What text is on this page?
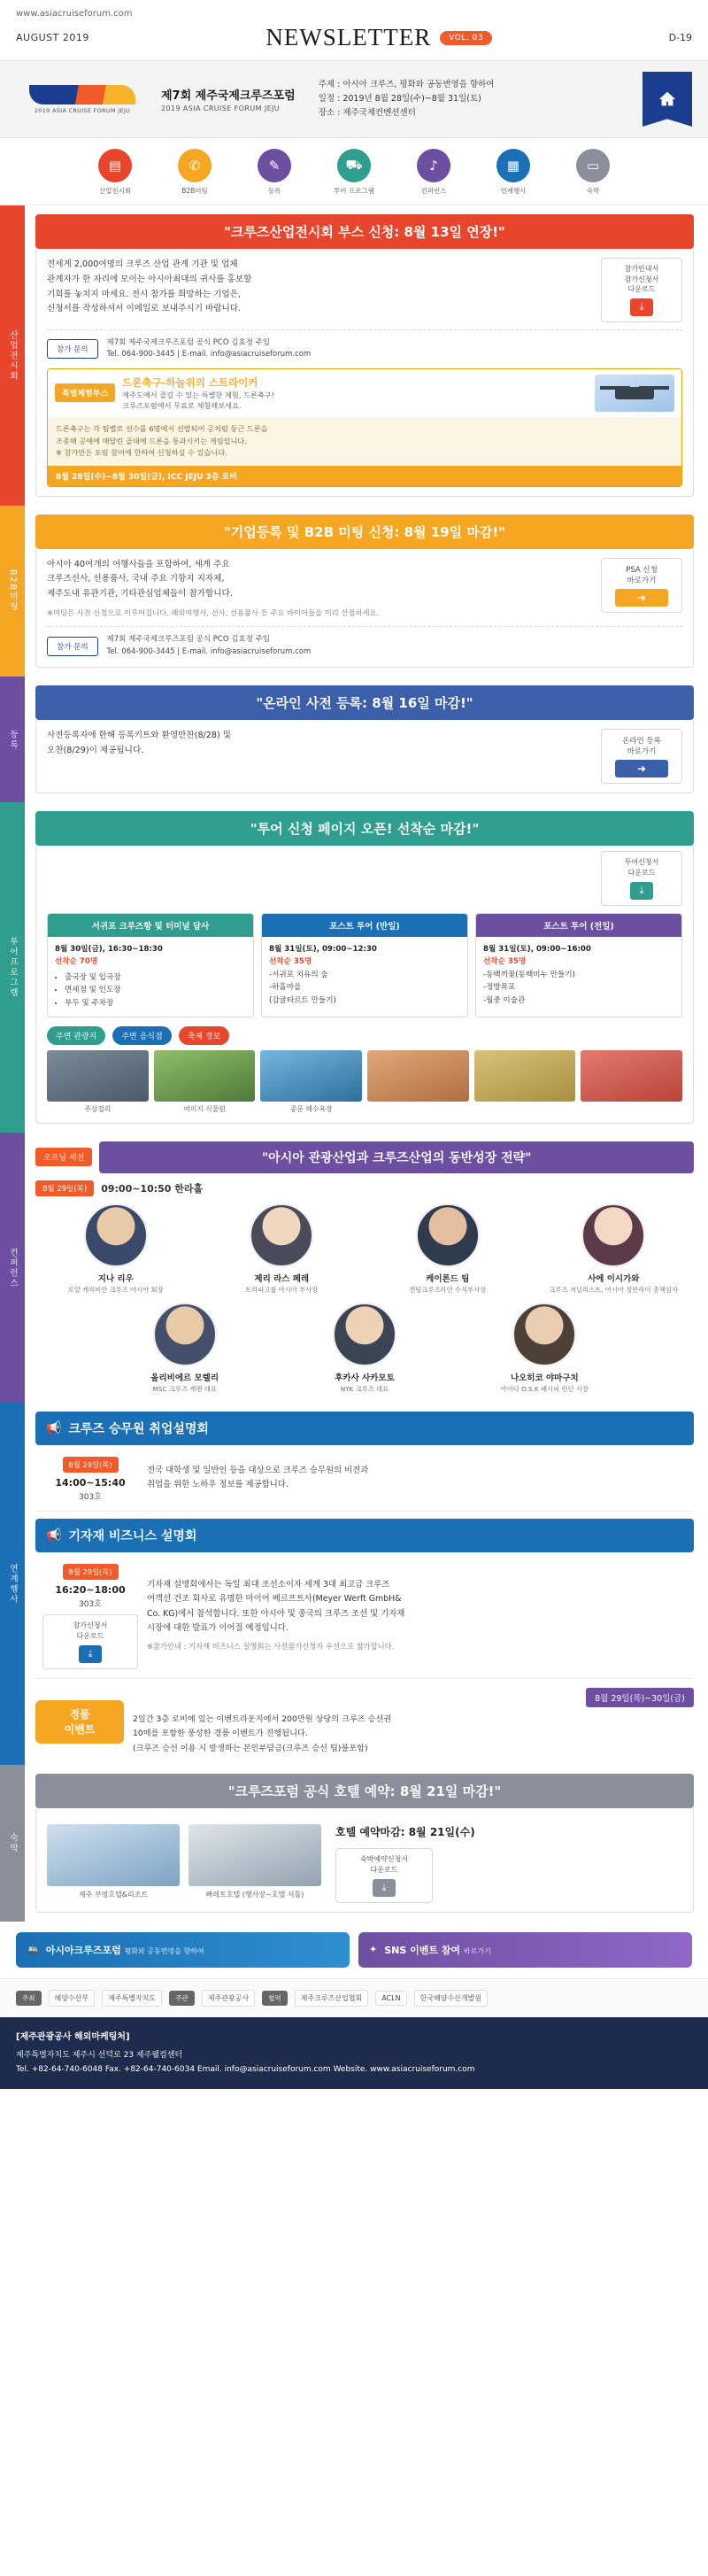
www.asiacruiseforum.com
AUGUST 2019	NEWSLETTER	VOL. 03	D-19
2019 ASIA CRUISE FORUM JEJU
제7회 제주국제크루즈포럼
2019 ASIA CRUISE FORUM JEJU
주제 : 아시아 크루즈, 평화와 공동번영을 향하여
일정 : 2019년 8월 28일(수)~8월 31일(토)
장소 : 제주국제컨벤션센터
▤
산업전시회
✆
B2B미팅
✎
등록
⛟
투어 프로그램
♪
컨퍼런스
▦
연계행사
▭
숙박
산업전시회
"크루즈산업전시회 부스 신청: 8월 13일 연장!"
전세계 2,000여명의 크루즈 산업 관계 기관 및 업체
관계자가 한 자리에 모이는 아시아최대의 귀사를 홍보할
기회를 놓치지 마세요. 전시 참가를 희망하는 기업은,
신청서를 작성하셔서 이메일로 보내주시기 바랍니다.
참가안내서
참가신청서
다운로드
⤓
참가 문의
제7회 제주국제크루즈포럼 공식 PCO 김효정 주임
Tel. 064-900-3445 | E-mail. info@asiacruiseforum.com
특별체험부스
드론축구-하늘위의 스트라이커
제주도에서 즐길 수 있는 특별한 체험, 드론축구!
크루즈포럼에서 무료로 체험해보세요.
드론축구는 각 팀별로 선수를 6명에서 선발되어 공처럼 둥근 드론을
조종해 공에에 매달린 골대에 드론을 통과시키는 게임입니다.
※ 참가만은 포럼 참여에 한하여 신청하실 수 있습니다.
8월 28일(수)~8월 30일(금), ICC JEJU 3층 로비
B2B미팅
"기업등록 및 B2B 미팅 신청: 8월 19일 마감!"
아시아 40여개의 여행사들을 포함하여, 세계 주요
크루즈선사, 선용품사, 국내 주요 기항지 지자체,
제주도내 유관기관, 기타관심업체들이 참가합니다.
※미팅은 사전 신청으로 이루어집니다. 해외여행사, 선사, 선용품사 등 주요 바이어들을 미리 선점하세요.
PSA 신청
바로가기
➜
참가 문의
제7회 제주국제크루즈포럼 공식 PCO 김효정 주임
Tel. 064-900-3445 | E-mail. info@asiacruiseforum.com
등록
"온라인 사전 등록: 8월 16일 마감!"
사전등록자에 한해 등록키트와 환영만찬(8/28) 및
오찬(8/29)이 제공됩니다.
온라인 등록
바로가기
➜
투어프로그램
"투어 신청 페이지 오픈! 선착순 마감!"
투어신청서
다운로드
⤓
서귀포 크루즈항 및 터미널 답사
8월 30일(금), 16:30~18:30
선착순 70명
• 출국장 및 입국장
• 면세점 및 인도장
• 부두 및 주차장
포스트 투어 (반일)
8월 31일(토), 09:00~12:30
선착순 35명
-서귀포 치유의 숲
-하흘마을
(감귤타르트 만들기)
포스트 투어 (전일)
8월 31일(토), 09:00~16:00
선착순 35명
-동백끼꽃(동백비누 만들기)
-정방폭포
-월중 미술관
주변 관광지	주변 음식점	축제 정보
주상절리	여미지 식물원	중문 해수욕장
컨퍼런스
오프닝 세션	"아시아 관광산업과 크루즈산업의 동반성장 전략"
8월 29일(목)	09:00~10:50 한라홀
지나 리우
로얄 캐리비안 크루즈 아시아 회장
제리 라스 페레
트라파고룹 아시아 부사장
케이론드 팀
겐팅크루즈라인 수석부사장
사에 이시가와
크루즈 저널리스트, 아시아 정반라이 총책임자
올리비에르 모렐리
MSC 크루즈 재팬 대표
후카사 사카모토
NYK 크루즈 대표
나오히코 야마구치
아이다 O.S.K 패시피 런던 사장
연계행사
📢 크루즈 승무원 취업설명회
8월 29일(목)
14:00~15:40
303호
전국 대학생 및 일반인 등을 대상으로 크루즈 승무원의 비전과
취업을 위한 노하우 정보를 제공합니다.
📢 기자재 비즈니스 설명회
8월 29일(목)
16:20~18:00
303호
참가신청서
다운로드
⤓
기자재 설명회에서는 독일 최대 조선소이자 세계 3대 최고급 크루즈
여객선 건조 회사로 유명한 마이어 베르프트사(Meyer Werft GmbH&
Co. KG)에서 참석합니다. 또한 아시아 및 중국의 크루즈 조선 및 기자재
시장에 대한 발표가 이어질 예정입니다.
※참가안내 : 기자재 비즈니스 설명회는 사전참가신청자 우선으로 참가합니다.
경품
이벤트
8월 29일(목)~30일(금)
2일간 3층 로비에 있는 이벤트라운지에서 200만원 상당의 크루즈 승선권
10매를 포함한 풍성한 경품 이벤트가 진행됩니다.
(크루즈 승선 이용 시 발생하는 본인부담금(크루즈 승선 팁)불포함)
숙박
"크루즈포럼 공식 호텔 예약: 8월 21일 마감!"
제주 부영호텔&리조트	빠레토호텔 (행사장~호텔 셔틀)
호텔 예약마감: 8월 21일(수)
숙박예약신청서
다운로드
⤓
🚢 아시아크루즈포럼 평화와 공동번영을 향하여	✦ SNS 이벤트 참여 바로가기
주최	해양수산부	제주특별자치도	주관	제주관광공사	협력	제주크루즈산업협회	ACLN	한국해양수산개발원
[제주관광공사 해외마케팅처]
제주특별자치도 제주시 선덕로 23 제주웰컴센터
Tel. +82-64-740-6048 Fax. +82-64-740-6034 Email. info@asiacruiseforum.com Website. www.asiacruiseforum.com
